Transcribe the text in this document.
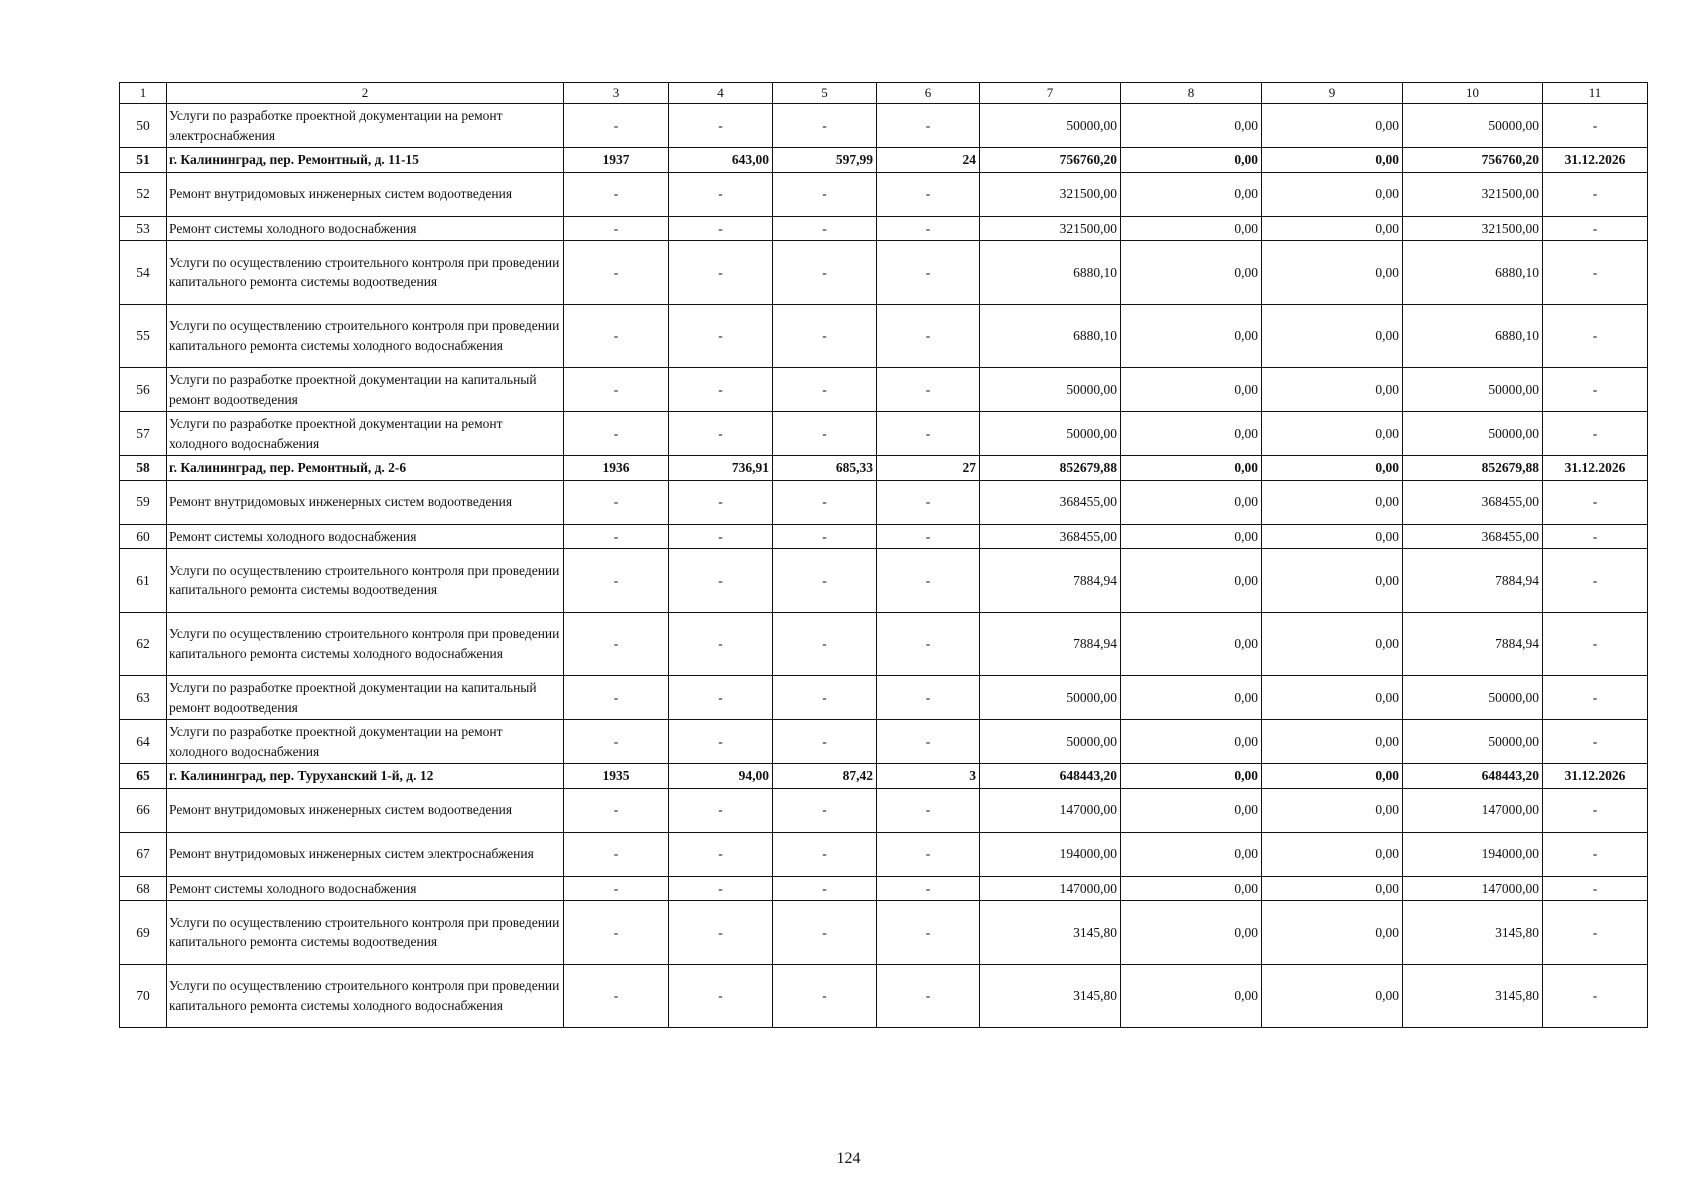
1	2	3	4	5	6	7	8	9	10	11
50	Услуги по разработке проектной документации на ремонт электроснабжения	-	-	-	-	50000,00	0,00	0,00	50000,00	-
51	г. Калининград, пер. Ремонтный, д. 11-15	1937	643,00	597,99	24	756760,20	0,00	0,00	756760,20	31.12.2026
52	Ремонт внутридомовых инженерных систем водоотведения	-	-	-	-	321500,00	0,00	0,00	321500,00	-
53	Ремонт системы холодного водоснабжения	-	-	-	-	321500,00	0,00	0,00	321500,00	-
54	Услуги по осуществлению строительного контроля при проведении капитального ремонта системы водоотведения	-	-	-	-	6880,10	0,00	0,00	6880,10	-
55	Услуги по осуществлению строительного контроля при проведении капитального ремонта системы холодного водоснабжения	-	-	-	-	6880,10	0,00	0,00	6880,10	-
56	Услуги по разработке проектной документации на капитальный ремонт водоотведения	-	-	-	-	50000,00	0,00	0,00	50000,00	-
57	Услуги по разработке проектной документации на ремонт холодного водоснабжения	-	-	-	-	50000,00	0,00	0,00	50000,00	-
58	г. Калининград, пер. Ремонтный, д. 2-6	1936	736,91	685,33	27	852679,88	0,00	0,00	852679,88	31.12.2026
59	Ремонт внутридомовых инженерных систем водоотведения	-	-	-	-	368455,00	0,00	0,00	368455,00	-
60	Ремонт системы холодного водоснабжения	-	-	-	-	368455,00	0,00	0,00	368455,00	-
61	Услуги по осуществлению строительного контроля при проведении капитального ремонта системы водоотведения	-	-	-	-	7884,94	0,00	0,00	7884,94	-
62	Услуги по осуществлению строительного контроля при проведении капитального ремонта системы холодного водоснабжения	-	-	-	-	7884,94	0,00	0,00	7884,94	-
63	Услуги по разработке проектной документации на капитальный ремонт водоотведения	-	-	-	-	50000,00	0,00	0,00	50000,00	-
64	Услуги по разработке проектной документации на ремонт холодного водоснабжения	-	-	-	-	50000,00	0,00	0,00	50000,00	-
65	г. Калининград, пер. Туруханский 1-й, д. 12	1935	94,00	87,42	3	648443,20	0,00	0,00	648443,20	31.12.2026
66	Ремонт внутридомовых инженерных систем водоотведения	-	-	-	-	147000,00	0,00	0,00	147000,00	-
67	Ремонт внутридомовых инженерных систем электроснабжения	-	-	-	-	194000,00	0,00	0,00	194000,00	-
68	Ремонт системы холодного водоснабжения	-	-	-	-	147000,00	0,00	0,00	147000,00	-
69	Услуги по осуществлению строительного контроля при проведении капитального ремонта системы водоотведения	-	-	-	-	3145,80	0,00	0,00	3145,80	-
70	Услуги по осуществлению строительного контроля при проведении капитального ремонта системы холодного водоснабжения	-	-	-	-	3145,80	0,00	0,00	3145,80	-
124
